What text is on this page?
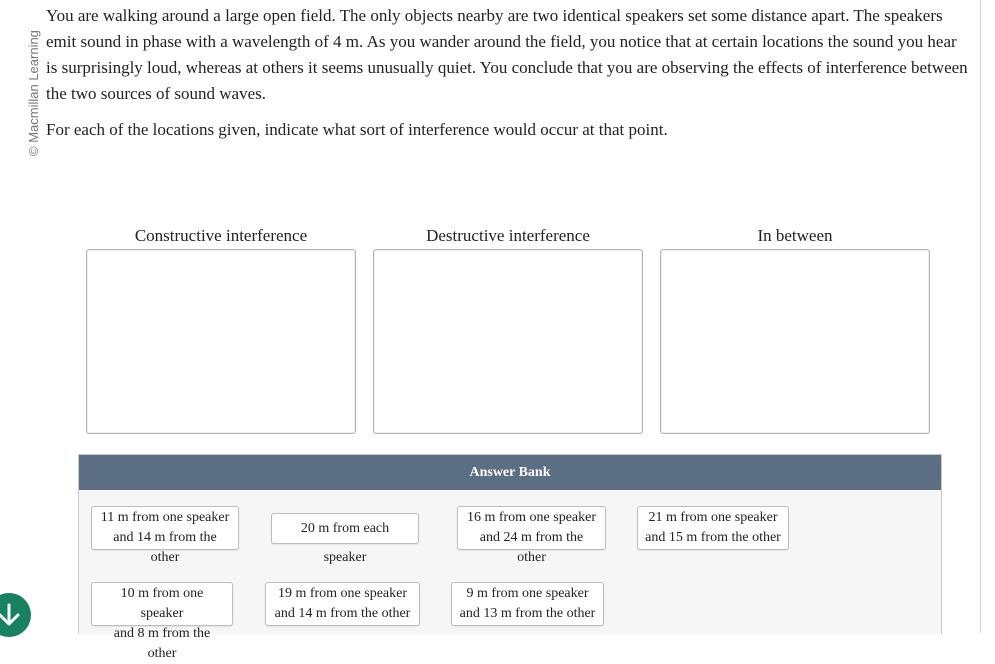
© Macmillan Learning

You are walking around a large open field. The only objects nearby are two identical speakers set some distance apart. The speakers emit sound in phase with a wavelength of 4 m. As you wander around the field, you notice that at certain locations the sound you hear is surprisingly loud, whereas at others it seems unusually quiet. You conclude that you are observing the effects of interference between the two sources of sound waves.

For each of the locations given, indicate what sort of interference would occur at that point.

Constructive interference	Destructive interference	In between
Answer Bank
11 m from one speaker
and 14 m from the other
20 m from each speaker
16 m from one speaker
and 24 m from the other
21 m from one speaker
and 15 m from the other
10 m from one speaker
and 8 m from the other
19 m from one speaker
and 14 m from the other
9 m from one speaker
and 13 m from the other
